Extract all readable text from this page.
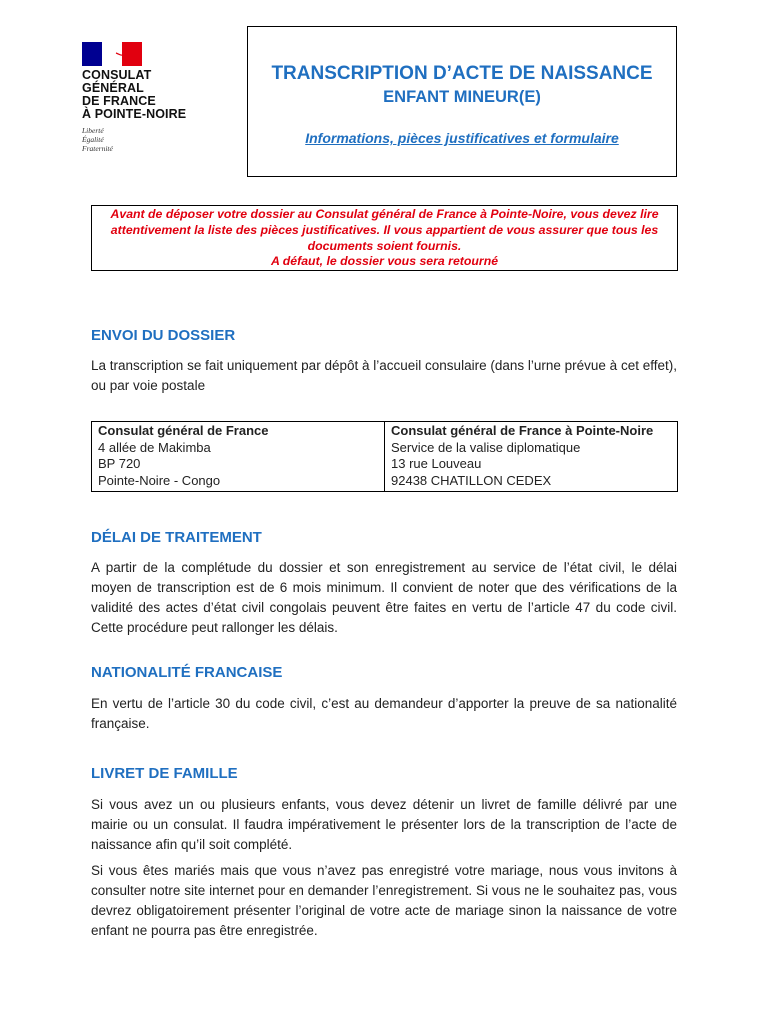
CONSULAT
GÉNÉRAL
DE FRANCE
À POINTE-NOIRE
Liberté
Égalité
Fraternité
TRANSCRIPTION D’ACTE DE NAISSANCE
ENFANT MINEUR(E)
Informations, pièces justificatives et formulaire
Avant de déposer votre dossier au Consulat général de France à Pointe-Noire, vous devez lire attentivement la liste des pièces justificatives. Il vous appartient de vous assurer que tous les documents soient fournis.
A défaut, le dossier vous sera retourné
ENVOI DU DOSSIER
La transcription se fait uniquement par dépôt à l’accueil consulaire (dans l’urne prévue à cet effet), ou par voie postale
Consulat général de France
4 allée de Makimba
BP 720
Pointe-Noire - Congo

Consulat général de France à Pointe-Noire
Service de la valise diplomatique
13 rue Louveau
92438 CHATILLON CEDEX
DÉLAI DE TRAITEMENT
A partir de la complétude du dossier et son enregistrement au service de l’état civil, le délai moyen de transcription est de 6 mois minimum. Il convient de noter que des vérifications de la validité des actes d’état civil congolais peuvent être faites en vertu de l’article 47 du code civil. Cette procédure peut rallonger les délais.
NATIONALITÉ FRANCAISE
En vertu de l’article 30 du code civil, c’est au demandeur d’apporter la preuve de sa nationalité française.
LIVRET DE FAMILLE
Si vous avez un ou plusieurs enfants, vous devez détenir un livret de famille délivré par une mairie ou un consulat. Il faudra impérativement le présenter lors de la transcription de l’acte de naissance afin qu’il soit complété.
Si vous êtes mariés mais que vous n’avez pas enregistré votre mariage, nous vous invitons à consulter notre site internet pour en demander l’enregistrement. Si vous ne le souhaitez pas, vous devrez obligatoirement présenter l’original de votre acte de mariage sinon la naissance de votre enfant ne pourra pas être enregistrée.
